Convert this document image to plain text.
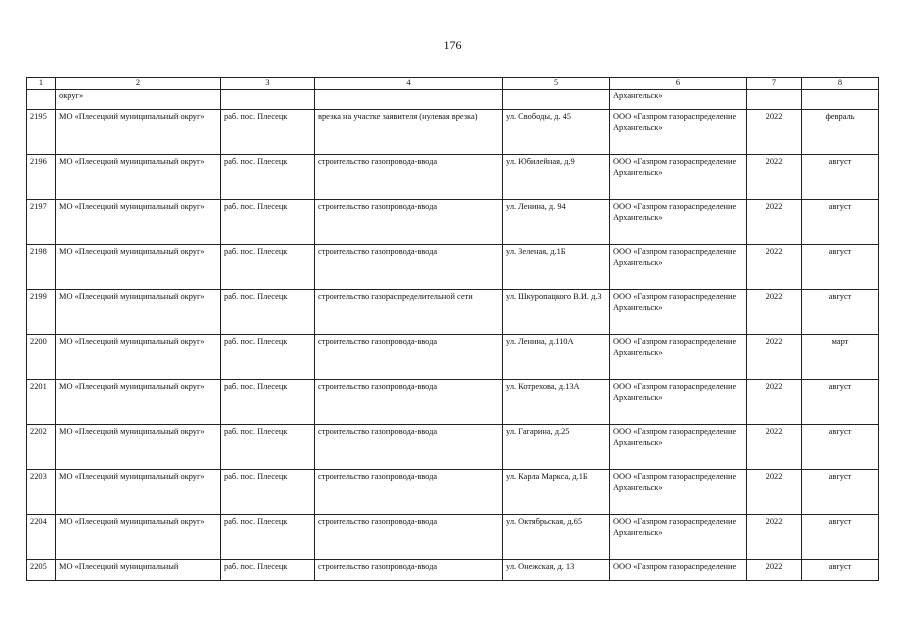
176
1	2	3	4	5	6	7	8
	округ»				Архангельск»		
2195	МО «Плесецкий муниципальный округ»	раб. пос. Плесецк	врезка на участке заявителя (нулевая врезка)	ул. Свободы, д. 45	ООО «Газпром газораспределение Архангельск»	2022	февраль
2196	МО «Плесецкий муниципальный округ»	раб. пос. Плесецк	строительство газопровода-ввода	ул. Юбилейная, д.9	ООО «Газпром газораспределение Архангельск»	2022	август
2197	МО «Плесецкий муниципальный округ»	раб. пос. Плесецк	строительство газопровода-ввода	ул. Ленина, д. 94	ООО «Газпром газораспределение Архангельск»	2022	август
2198	МО «Плесецкий муниципальный округ»	раб. пос. Плесецк	строительство газопровода-ввода	ул. Зеленая, д.1Б	ООО «Газпром газораспределение Архангельск»	2022	август
2199	МО «Плесецкий муниципальный округ»	раб. пос. Плесецк	строительство газораспределительной сети	ул. Шкуропацкого В.И. д.3	ООО «Газпром газораспределение Архангельск»	2022	август
2200	МО «Плесецкий муниципальный округ»	раб. пос. Плесецк	строительство газопровода-ввода	ул. Ленина, д.110А	ООО «Газпром газораспределение Архангельск»	2022	март
2201	МО «Плесецкий муниципальный округ»	раб. пос. Плесецк	строительство газопровода-ввода	ул. Котрехова, д.13А	ООО «Газпром газораспределение Архангельск»	2022	август
2202	МО «Плесецкий муниципальный округ»	раб. пос. Плесецк	строительство газопровода-ввода	ул. Гагарина, д.25	ООО «Газпром газораспределение Архангельск»	2022	август
2203	МО «Плесецкий муниципальный округ»	раб. пос. Плесецк	строительство газопровода-ввода	ул. Карла Маркса, д.1Б	ООО «Газпром газораспределение Архангельск»	2022	август
2204	МО «Плесецкий муниципальный округ»	раб. пос. Плесецк	строительство газопровода-ввода	ул. Октябрьская, д.65	ООО «Газпром газораспределение Архангельск»	2022	август
2205	МО «Плесецкий муниципальный	раб. пос. Плесецк	строительство газопровода-ввода	ул. Онежская, д. 13	ООО «Газпром газораспределение	2022	август
